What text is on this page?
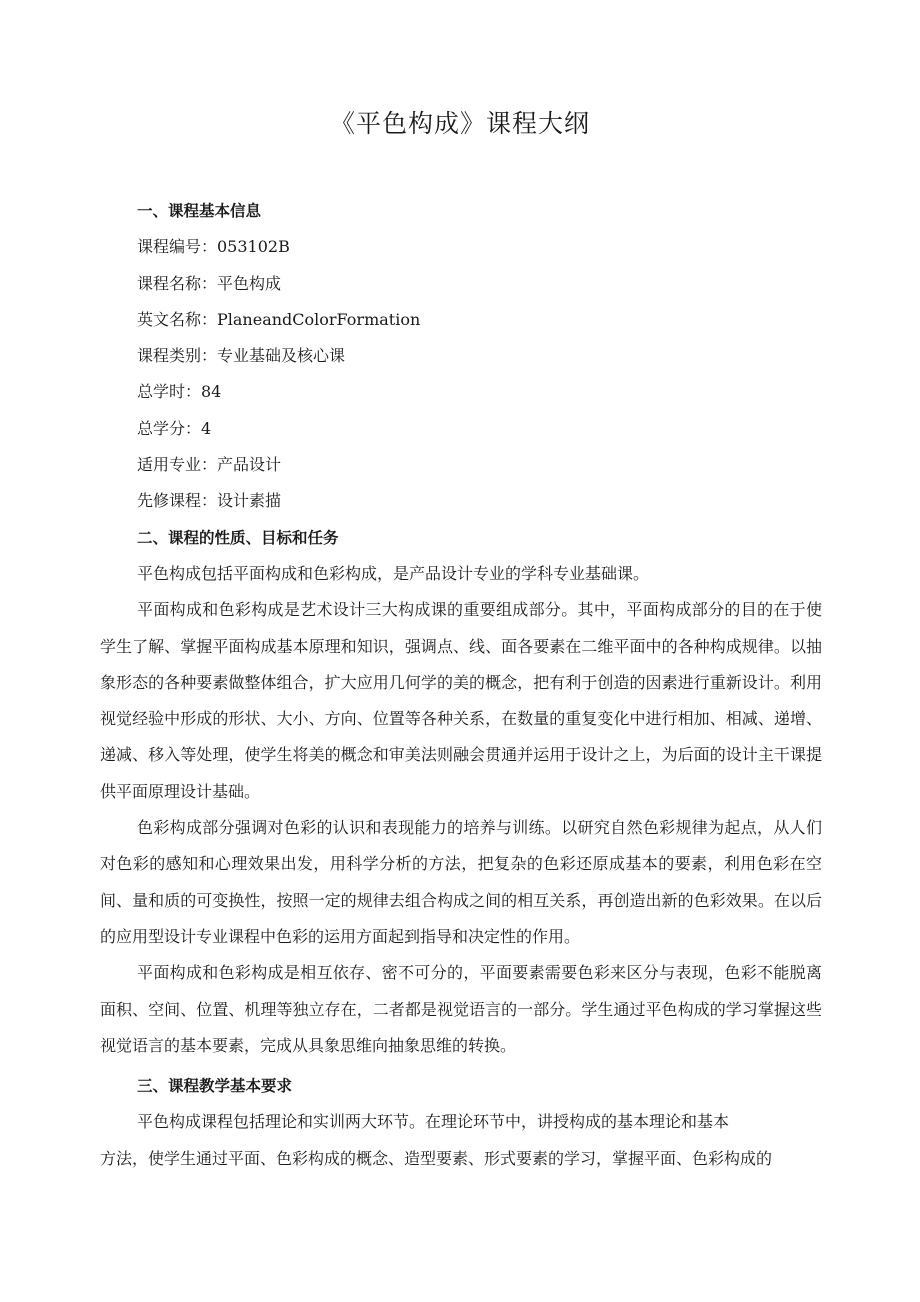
《平色构成》课程大纲
一、课程基本信息
课程编号：053102B
课程名称：平色构成
英文名称：PlaneandColorFormation
课程类别：专业基础及核心课
总学时：84
总学分：4
适用专业：产品设计
先修课程：设计素描
二、课程的性质、目标和任务

平色构成包括平面构成和色彩构成，是产品设计专业的学科专业基础课。

平面构成和色彩构成是艺术设计三大构成课的重要组成部分。其中，平面构成部分的目的在于使学生了解、掌握平面构成基本原理和知识，强调点、线、面各要素在二维平面中的各种构成规律。以抽象形态的各种要素做整体组合，扩大应用几何学的美的概念，把有利于创造的因素进行重新设计。利用视觉经验中形成的形状、大小、方向、位置等各种关系，在数量的重复变化中进行相加、相减、递增、递减、移入等处理，使学生将美的概念和审美法则融会贯通并运用于设计之上，为后面的设计主干课提供平面原理设计基础。

色彩构成部分强调对色彩的认识和表现能力的培养与训练。以研究自然色彩规律为起点，从人们对色彩的感知和心理效果出发，用科学分析的方法，把复杂的色彩还原成基本的要素，利用色彩在空间、量和质的可变换性，按照一定的规律去组合构成之间的相互关系，再创造出新的色彩效果。在以后的应用型设计专业课程中色彩的运用方面起到指导和决定性的作用。

平面构成和色彩构成是相互依存、密不可分的，平面要素需要色彩来区分与表现，色彩不能脱离面积、空间、位置、机理等独立存在，二者都是视觉语言的一部分。学生通过平色构成的学习掌握这些视觉语言的基本要素，完成从具象思维向抽象思维的转换。

三、课程教学基本要求
平色构成课程包括理论和实训两大环节。在理论环节中，讲授构成的基本理论和基本
方法，使学生通过平面、色彩构成的概念、造型要素、形式要素的学习，掌握平面、色彩构成的
